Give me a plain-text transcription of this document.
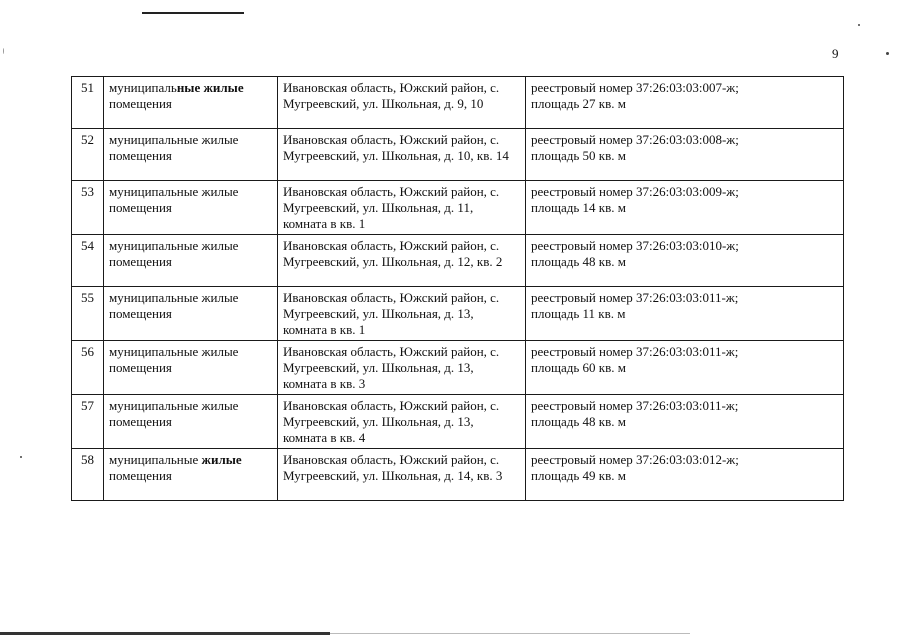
9
51	муниципальные жилые
помещения	Ивановская область, Южский район, с. Мугреевский, ул. Школьная, д. 9, 10	реестровый номер 37:26:03:03:007-ж;
площадь 27 кв. м
52	муниципальные жилые
помещения	Ивановская область, Южский район, с. Мугреевский, ул. Школьная, д. 10, кв. 14	реестровый номер 37:26:03:03:008-ж;
площадь 50 кв. м
53	муниципальные жилые
помещения	Ивановская область, Южский район, с. Мугреевский, ул. Школьная, д. 11, комната в кв. 1	реестровый номер 37:26:03:03:009-ж;
площадь 14 кв. м
54	муниципальные жилые
помещения	Ивановская область, Южский район, с. Мугреевский, ул. Школьная, д. 12, кв. 2	реестровый номер 37:26:03:03:010-ж;
площадь 48 кв. м
55	муниципальные жилые
помещения	Ивановская область, Южский район, с. Мугреевский, ул. Школьная, д. 13, комната в кв. 1	реестровый номер 37:26:03:03:011-ж;
площадь 11 кв. м
56	муниципальные жилые
помещения	Ивановская область, Южский район, с. Мугреевский, ул. Школьная, д. 13, комната в кв. 3	реестровый номер 37:26:03:03:011-ж;
площадь 60 кв. м
57	муниципальные жилые
помещения	Ивановская область, Южский район, с. Мугреевский, ул. Школьная, д. 13, комната в кв. 4	реестровый номер 37:26:03:03:011-ж;
площадь 48 кв. м
58	муниципальные жилые
помещения	Ивановская область, Южский район, с. Мугреевский, ул. Школьная, д. 14, кв. 3	реестровый номер 37:26:03:03:012-ж;
площадь 49 кв. м
